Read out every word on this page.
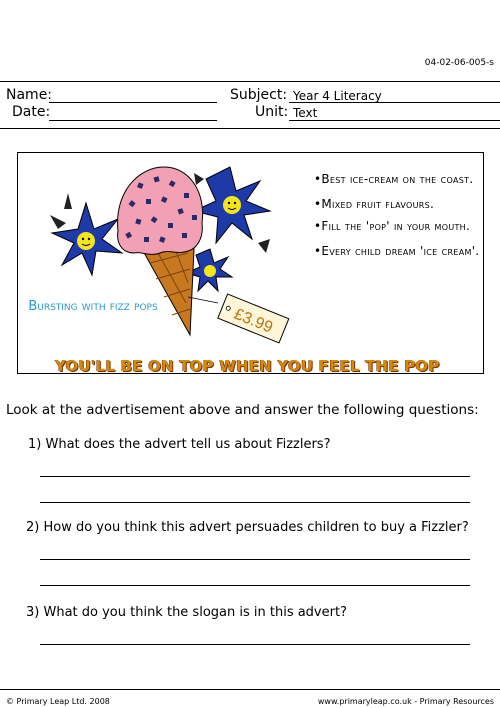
04-02-06-005-s
Name:	Subject: Year 4 Literacy
Date:	Unit: Text
£3.99
Bursting with fizz pops
•Best ice-cream on the coast.
•Mixed fruit flavours.
•Fill the 'pop' in your mouth.
•Every child dream 'ice cream'.
YOU'LL BE ON TOP WHEN YOU FEEL THE POP
Look at the advertisement above and answer the following questions:
1) What does the advert tell us about Fizzlers?
2) How do you think this advert persuades children to buy a Fizzler?
3) What do you think the slogan is in this advert?
© Primary Leap Ltd. 2008	www.primaryleap.co.uk - Primary Resources
